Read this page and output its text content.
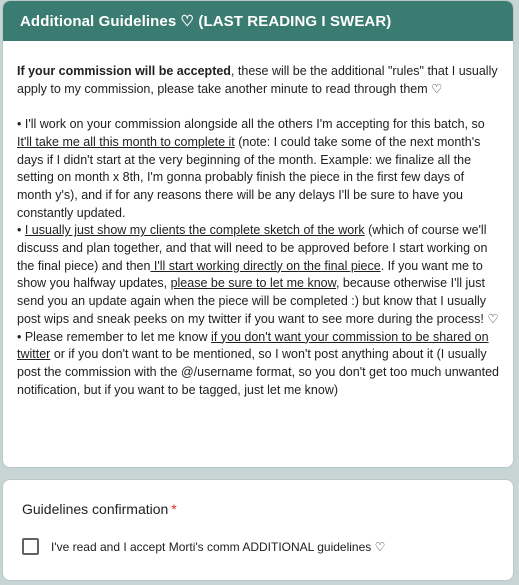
Additional Guidelines ♡ (LAST READING I SWEAR)

If your commission will be accepted, these will be the additional "rules" that I usually apply to my commission, please take another minute to read through them ♡

• I'll work on your commission alongside all the others I'm accepting for this batch, so It'll take me all this month to complete it (note: I could take some of the next month's days if I didn't start at the very beginning of the month. Example: we finalize all the setting on month x 8th, I'm gonna probably finish the piece in the first few days of month y's), and if for any reasons there will be any delays I'll be sure to have you constantly updated.

• I usually just show my clients the complete sketch of the work (which of course we'll discuss and plan together, and that will need to be approved before I start working on the final piece) and then I'll start working directly on the final piece. If you want me to show you halfway updates, please be sure to let me know, because otherwise I'll just send you an update again when the piece will be completed :) but know that I usually post wips and sneak peeks on my twitter if you want to see more during the process! ♡

• Please remember to let me know if you don't want your commission to be shared on twitter or if you don't want to be mentioned, so I won't post anything about it (I usually post the commission with the @/username format, so you don't get too much unwanted notification, but if you want to be tagged, just let me know)

Guidelines confirmation *
I've read and I accept Morti's comm ADDITIONAL guidelines ♡
